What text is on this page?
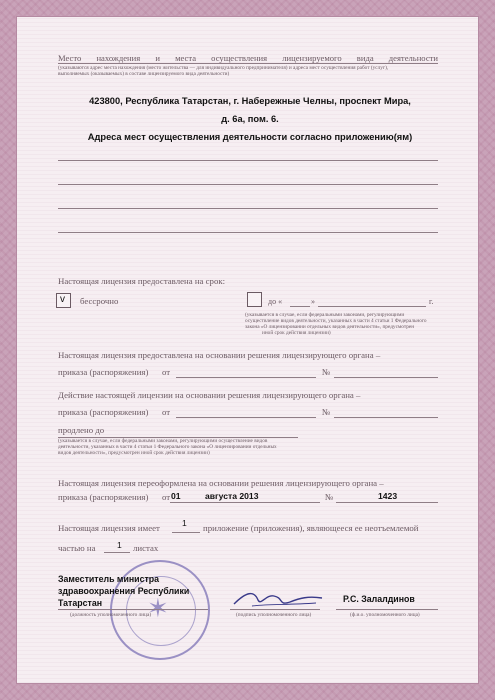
Место нахождения и места осуществления лицензируемого вида деятельности
(указываются адрес места нахождения (место жительства — для индивидуального предпринимателя) и адреса мест осуществления работ (услуг),
выполняемых (оказываемых) в составе лицензируемого вида деятельности)
423800, Республика Татарстан, г. Набережные Челны, проспект Мира,
д. 6а, пом. 6.
Адреса мест осуществления деятельности согласно приложению(ям)
Настоящая лицензия предоставлена на срок:
v бессрочно	до «	»	г.
(указывается в случае, если федеральными законами, регулирующими
осуществление видов деятельности, указанных в части 4 статьи 1 Федерального
закона «О лицензировании отдельных видов деятельности», предусмотрен
иной срок действия лицензии)
Настоящая лицензия предоставлена на основании решения лицензирующего органа –
приказа (распоряжения) от	№
Действие настоящей лицензии на основании решения лицензирующего органа –
приказа (распоряжения) от	№
продлено до
(указывается в случае, если федеральными законами, регулирующими осуществление видов
деятельности, указанных в части 4 статьи 1 Федерального закона «О лицензировании отдельных
видов деятельности», предусмотрен иной срок действия лицензии)
Настоящая лицензия переоформлена на основании решения лицензирующего органа –
приказа (распоряжения) от 01	августа 2013	№	1423
Настоящая лицензия имеет	1 приложение (приложения), являющееся ее неотъемлемой
частью на	1 листах
✶
Заместитель министра
здравоохранения Республики
Татарстан
(должность уполномоченного лица)	(подпись уполномоченного лица)
Р.С. Залалдинов
(ф.и.о. уполномоченного лица)
